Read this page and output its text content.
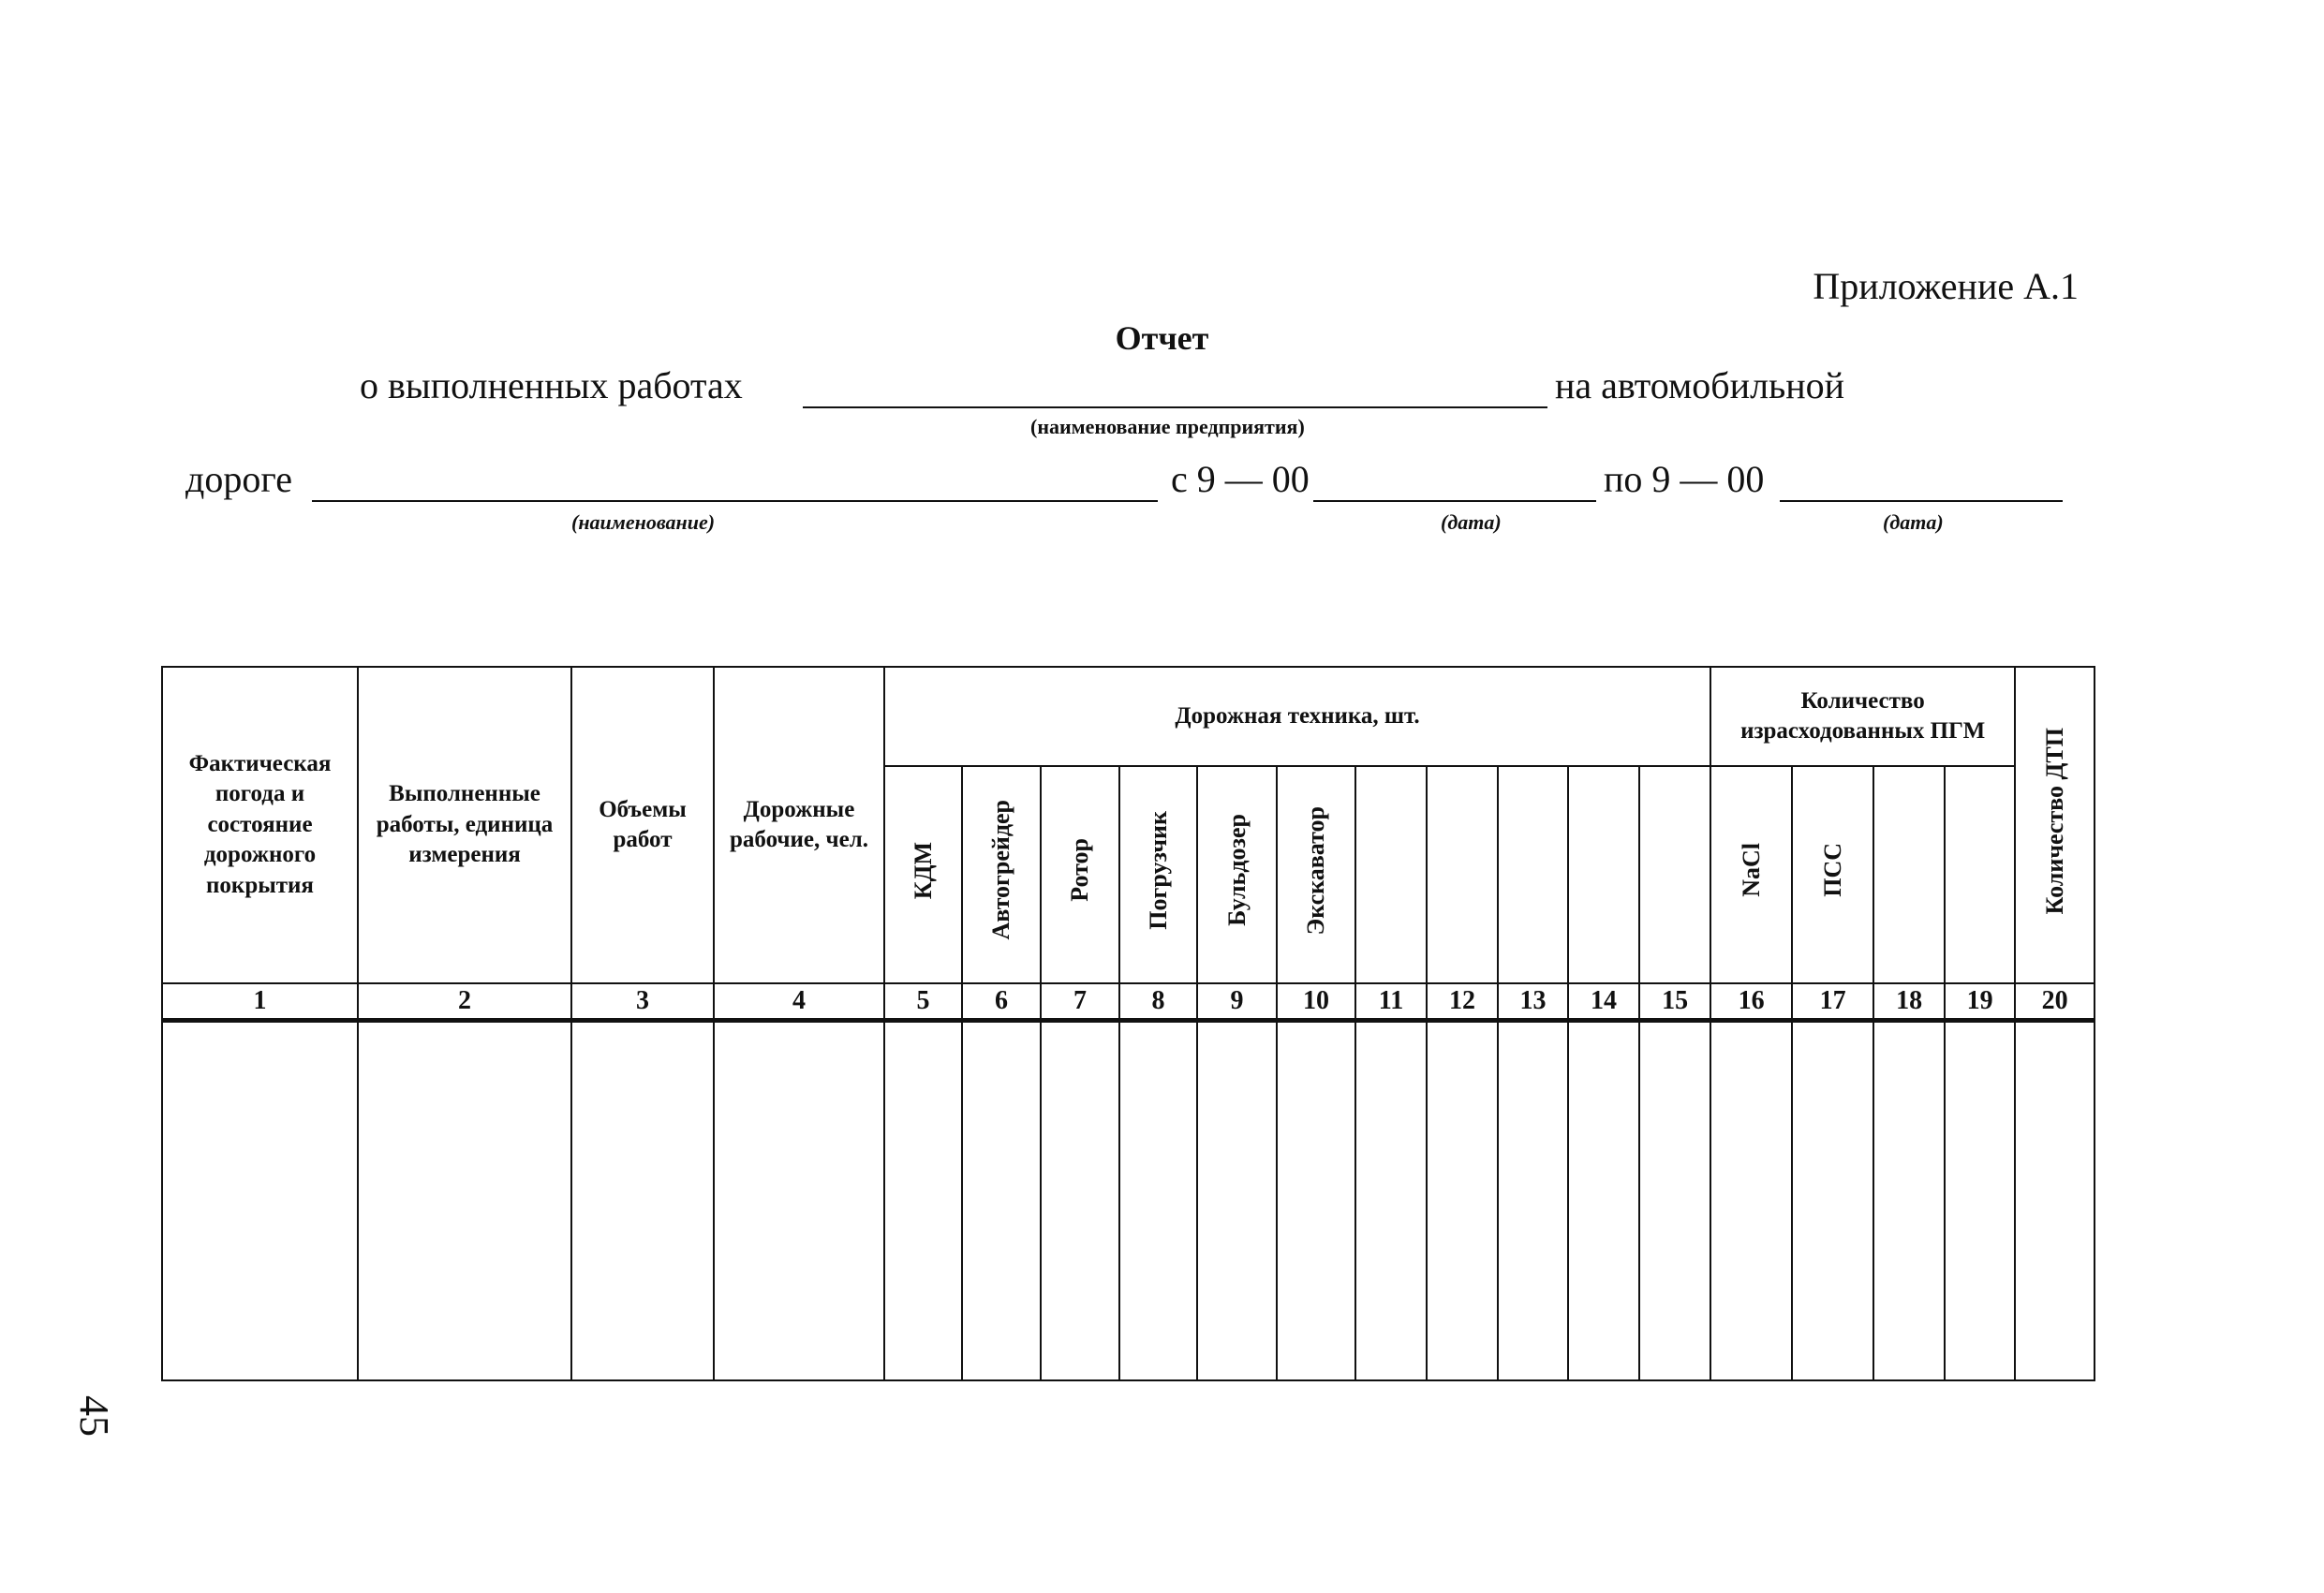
Приложение А.1
Отчет
о выполненных работах	на автомобильной
(наименование предприятия)
дороге	с 9 — 00	по 9 — 00
(наименование)	(дата)	(дата)
Фактическая погода и состояние дорожного покрытия	Выполненные работы, единица измерения	Объемы работ	Дорожные рабочие, чел.	Дорожная техника, шт.											Количество израсходованных ПГМ				Количество ДТП
				КДМ	Автогрейдер	Ротор	Погрузчик	Бульдозер	Экскаватор						NaCl	ПСС			
1	2	3	4	5	6	7	8	9	10	11	12	13	14	15	16	17	18	19	20

45
